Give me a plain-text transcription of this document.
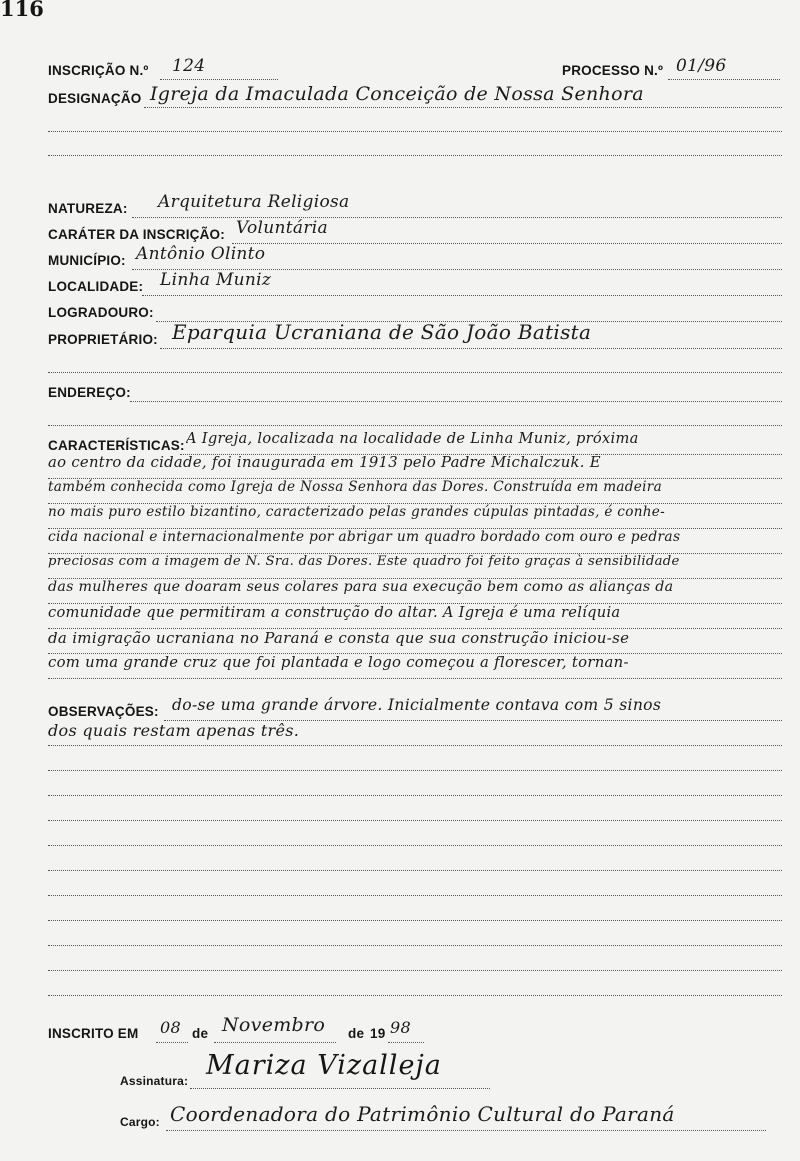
116
INSCRIÇÃO N.º 124	PROCESSO N.º 01/96
DESIGNAÇÃO Igreja da Imaculada Conceição de Nossa Senhora
NATUREZA: Arquitetura Religiosa
CARÁTER DA INSCRIÇÃO: Voluntária
MUNICÍPIO: Antônio Olinto
LOCALIDADE: Linha Muniz
LOGRADOURO:
PROPRIETÁRIO: Eparquia Ucraniana de São João Batista
ENDEREÇO:
CARACTERÍSTICAS: A Igreja, localizada na localidade de Linha Muniz, próxima
ao centro da cidade, foi inaugurada em 1913 pelo Padre Michalczuk. É
também conhecida como Igreja de Nossa Senhora das Dores. Construída em madeira
no mais puro estilo bizantino, caracterizado pelas grandes cúpulas pintadas, é conhe-
cida nacional e internacionalmente por abrigar um quadro bordado com ouro e pedras
preciosas com a imagem de N. Sra. das Dores. Este quadro foi feito graças à sensibilidade
das mulheres que doaram seus colares para sua execução bem como as alianças da
comunidade que permitiram a construção do altar. A Igreja é uma relíquia
da imigração ucraniana no Paraná e consta que sua construção iniciou-se
com uma grande cruz que foi plantada e logo começou a florescer, tornan-
OBSERVAÇÕES: do-se uma grande árvore. Inicialmente contava com 5 sinos
dos quais restam apenas três.
INSCRITO EM 08 de Novembro de 19 98
Assinatura: Mariza Vizalleja
Cargo: Coordenadora do Patrimônio Cultural do Paraná
